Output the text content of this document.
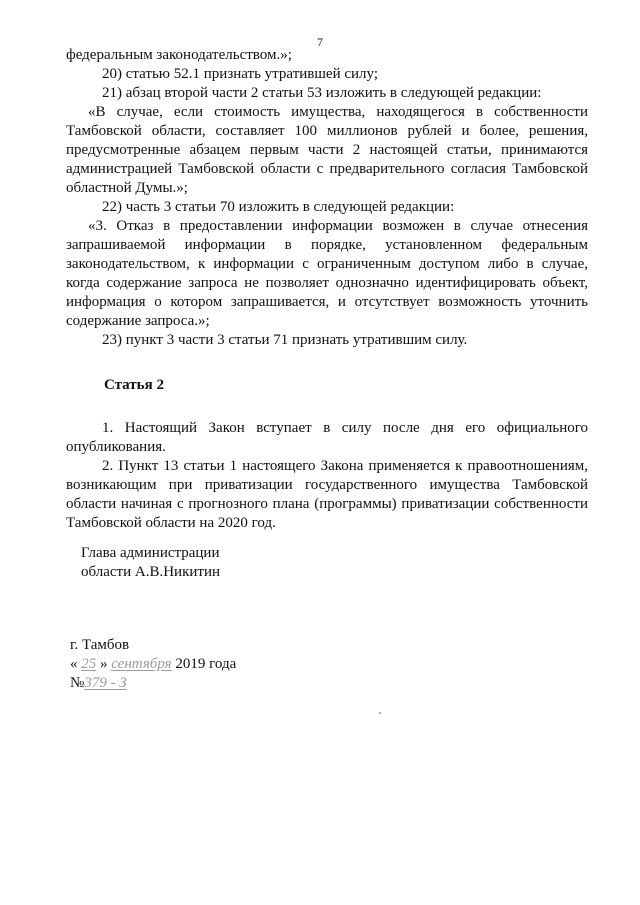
7

федеральным законодательством.»;

20) статью 52.1 признать утратившей силу;

21) абзац второй части 2 статьи 53 изложить в следующей редакции:

«В случае, если стоимость имущества, находящегося в собственности Тамбовской области, составляет 100 миллионов рублей и более, решения, предусмотренные абзацем первым части 2 настоящей статьи, принимаются администрацией Тамбовской области с предварительного согласия Тамбовской областной Думы.»;

22) часть 3 статьи 70 изложить в следующей редакции:

«3. Отказ в предоставлении информации возможен в случае отнесения запрашиваемой информации в порядке, установленном федеральным законодательством, к информации с ограниченным доступом либо в случае, когда содержание запроса не позволяет однозначно идентифицировать объект, информация о котором запрашивается, и отсутствует возможность уточнить содержание запроса.»;

23) пункт 3 части 3 статьи 71 признать утратившим силу.

Статья 2

1. Настоящий Закон вступает в силу после дня его официального опубликования.

2. Пункт 13 статьи 1 настоящего Закона применяется к правоотношениям, возникающим при приватизации государственного имущества Тамбовской области начиная с прогнозного плана (программы) приватизации собственности Тамбовской области на 2020 год.

Глава администрации
области А.В.Никитин
г. Тамбов
« 25 » сентября 2019 года
№379 - З
